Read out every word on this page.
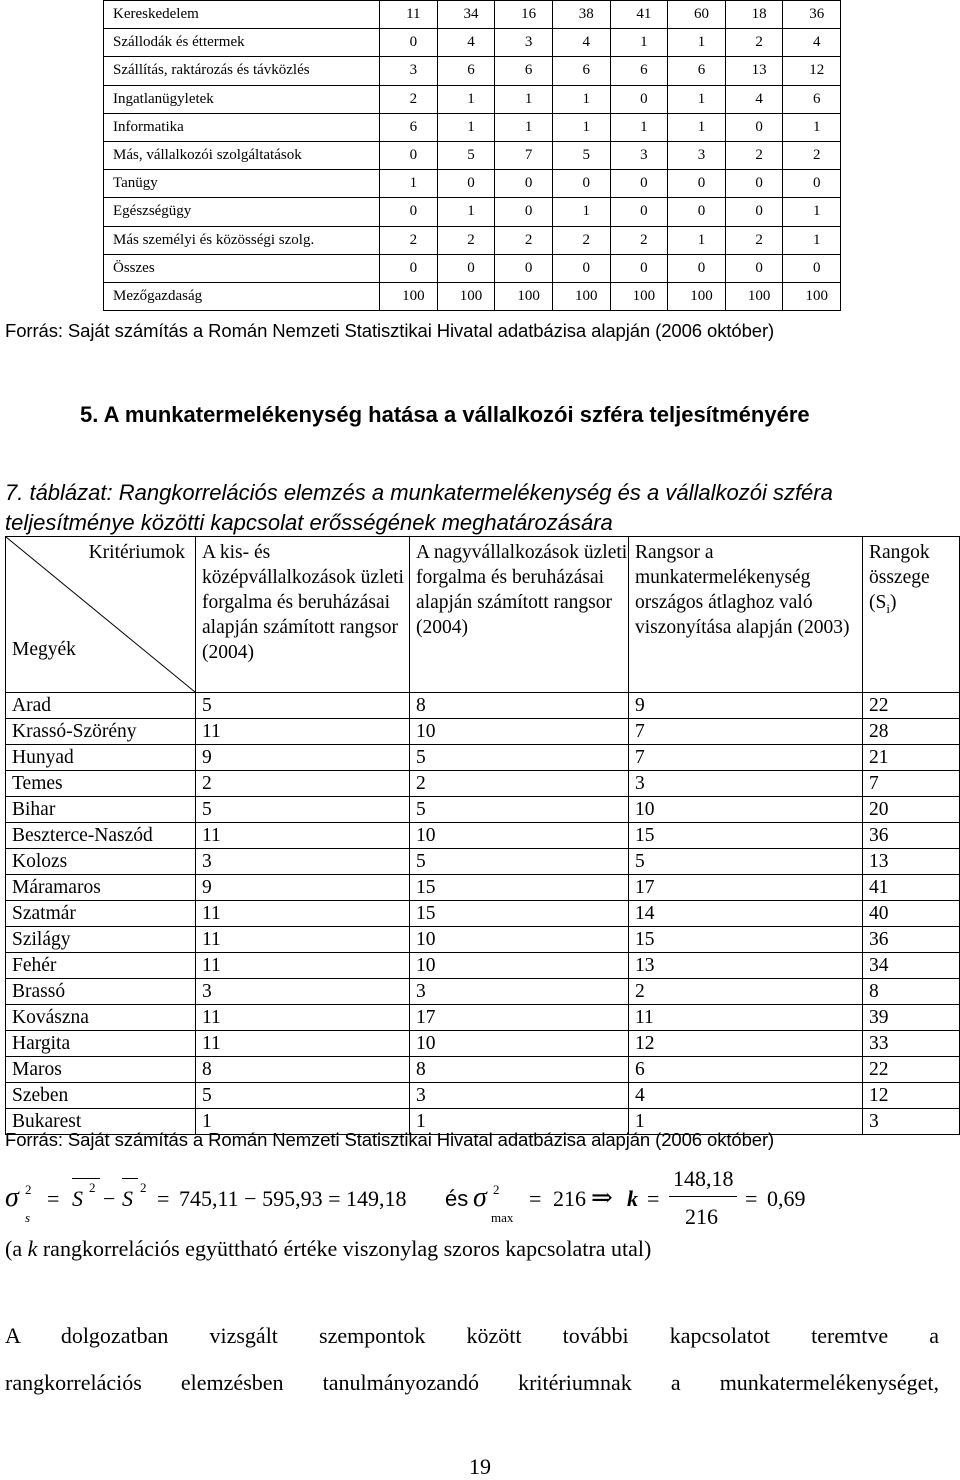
Kereskedelem	11	34	16	38	41	60	18	36
Szállodák és éttermek	0	4	3	4	1	1	2	4
Szállítás, raktározás és távközlés	3	6	6	6	6	6	13	12
Ingatlanügyletek	2	1	1	1	0	1	4	6
Informatika	6	1	1	1	1	1	0	1
Más, vállalkozói szolgáltatások	0	5	7	5	3	3	2	2
Tanügy	1	0	0	0	0	0	0	0
Egészségügy	0	1	0	1	0	0	0	1
Más személyi és közösségi szolg.	2	2	2	2	2	1	2	1
Összes	0	0	0	0	0	0	0	0
Mezőgazdaság	100	100	100	100	100	100	100	100
Forrás: Saját számítás a Román Nemzeti Statisztikai Hivatal adatbázisa alapján (2006 október)
5. A munkatermelékenység hatása a vállalkozói szféra teljesítményére
7. táblázat: Rangkorrelációs elemzés a munkatermelékenység és a vállalkozói szféra teljesítménye közötti kapcsolat erősségének meghatározására
Kritériumok
Megyék	A kis- és középvállalkozások üzleti forgalma és beruházásai alapján számított rangsor (2004)	A nagyvállalkozások üzleti forgalma és beruházásai alapján számított rangsor (2004)	Rangsor a munkatermelékenység országos átlaghoz való viszonyítása alapján (2003)	Rangok összege $(S_i)$
Arad	5	8	9	22
Krassó-Szörény	11	10	7	28
Hunyad	9	5	7	21
Temes	2	2	3	7
Bihar	5	5	10	20
Beszterce-Naszód	11	10	15	36
Kolozs	3	5	5	13
Máramaros	9	15	17	41
Szatmár	11	15	14	40
Szilágy	11	10	15	36
Fehér	11	10	13	34
Brassó	3	3	2	8
Kovászna	11	17	11	39
Hargita	11	10	12	33
Maros	8	8	6	22
Szeben	5	3	4	12
Bukarest	1	1	1	3
Forrás: Saját számítás a Román Nemzeti Statisztikai Hivatal adatbázisa alapján (2006 október)
σ
s
2 = S 2 − S 2 = 745,11 − 595,93 = 149,18 és σ 2
max
= 216 ⇒ k =
148,18
216
= 0,69
(a k rangkorrelációs együttható értéke viszonylag szoros kapcsolatra utal)
A dolgozatban vizsgált szempontok között további kapcsolatot teremtve a
rangkorrelációs elemzésben tanulmányozandó kritériumnak a munkatermelékenységet,
19
